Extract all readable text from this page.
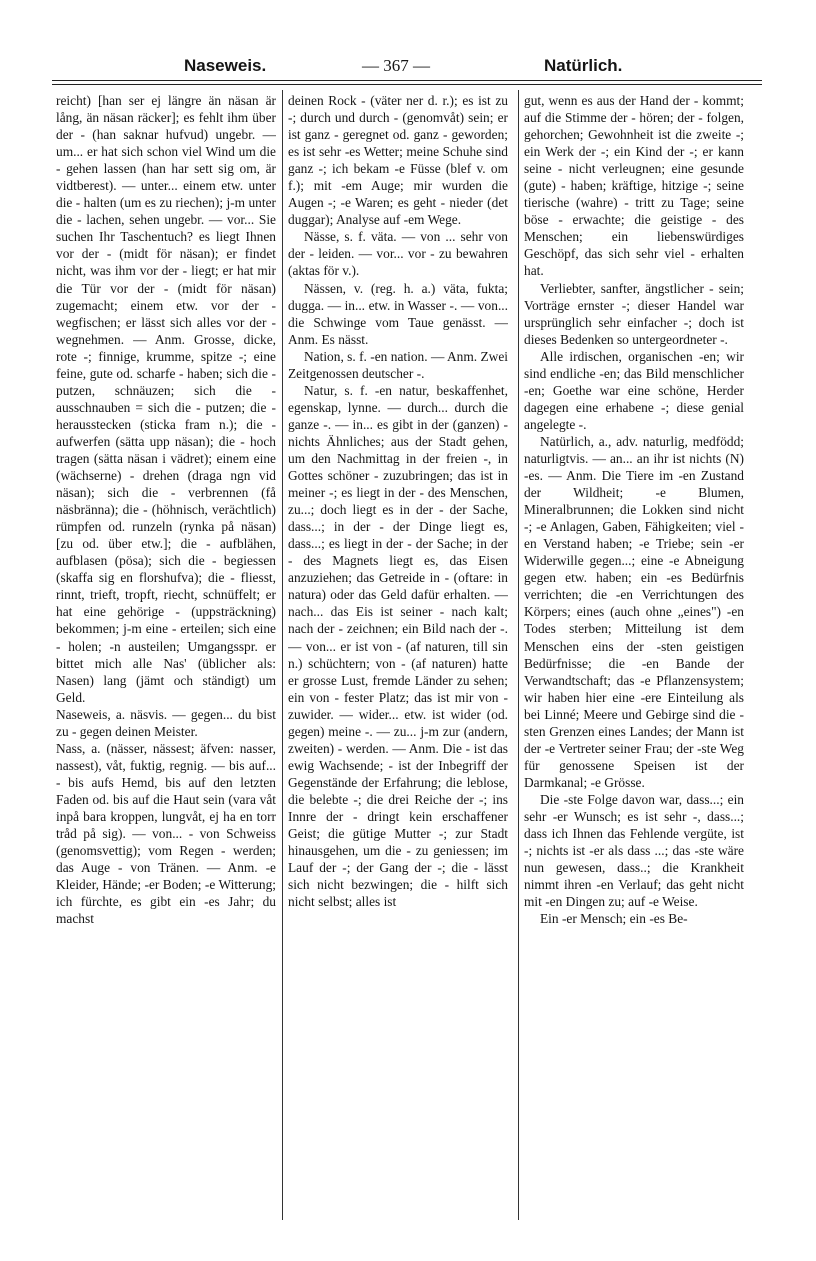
Naseweis.	— 367 —	Natürlich.

reicht) [han ser ej längre än näsan är lång, än näsan räcker]; es fehlt ihm über der - (han saknar hufvud) ungebr. — um... er hat sich schon viel Wind um die - gehen lassen (han har sett sig om, är vidtberest). — unter... einem etw. unter die - halten (um es zu riechen); j-m unter die - lachen, sehen ungebr. — vor... Sie suchen Ihr Taschentuch? es liegt Ihnen vor der - (midt för näsan); er findet nicht, was ihm vor der - liegt; er hat mir die Tür vor der - (midt för näsan) zugemacht; einem etw. vor der - wegfischen; er lässt sich alles vor der - wegnehmen. — Anm. Grosse, dicke, rote -; finnige, krumme, spitze -; eine feine, gute od. scharfe - haben; sich die - putzen, schnäuzen; sich die - ausschnauben = sich die - putzen; die - herausstecken (sticka fram n.); die - aufwerfen (sätta upp näsan); die - hoch tragen (sätta näsan i vädret); einem eine (wächserne) - drehen (draga ngn vid näsan); sich die - verbrennen (få näsbränna); die - (höhnisch, verächtlich) rümpfen od. runzeln (rynka på näsan) [zu od. über etw.]; die - aufblähen, aufblasen (pösa); sich die - begiessen (skaffa sig en florshufva); die - fliesst, rinnt, trieft, tropft, riecht, schnüffelt; er hat eine gehörige - (uppsträckning) bekommen; j-m eine - erteilen; sich eine - holen; -n austeilen; Umgangsspr. er bittet mich alle Nas' (üblicher als: Nasen) lang (jämt och ständigt) um Geld.

Naseweis, a. näsvis. — gegen... du bist zu - gegen deinen Meister.

Nass, a. (nässer, nässest; äfven: nasser, nassest), våt, fuktig, regnig. — bis auf... - bis aufs Hemd, bis auf den letzten Faden od. bis auf die Haut sein (vara våt inpå bara kroppen, lungvåt, ej ha en torr tråd på sig). — von... - von Schweiss (genomsvettig); vom Regen - werden; das Auge - von Tränen. — Anm. -e Kleider, Hände; -er Boden; -e Witterung; ich fürchte, es gibt ein -es Jahr; du machst

deinen Rock - (väter ner d. r.); es ist zu -; durch und durch - (genomvåt) sein; er ist ganz - geregnet od. ganz - geworden; es ist sehr -es Wetter; meine Schuhe sind ganz -; ich bekam -e Füsse (blef v. om f.); mit -em Auge; mir wurden die Augen -; -e Waren; es geht - nieder (det duggar); Analyse auf -em Wege.

Nässe, s. f. väta. — von ... sehr von der - leiden. — vor... vor - zu bewahren (aktas för v.).

Nässen, v. (reg. h. a.) väta, fukta; dugga. — in... etw. in Wasser -. — von... die Schwinge vom Taue genässt. — Anm. Es nässt.

Nation, s. f. -en nation. — Anm. Zwei Zeitgenossen deutscher -.

Natur, s. f. -en natur, beskaffenhet, egenskap, lynne. — durch... durch die ganze -. — in... es gibt in der (ganzen) - nichts Ähnliches; aus der Stadt gehen, um den Nachmittag in der freien -, in Gottes schöner - zuzubringen; das ist in meiner -; es liegt in der - des Menschen, zu...; doch liegt es in der - der Sache, dass...; in der - der Dinge liegt es, dass...; es liegt in der - der Sache; in der - des Magnets liegt es, das Eisen anzuziehen; das Getreide in - (oftare: in natura) oder das Geld dafür erhalten. — nach... das Eis ist seiner - nach kalt; nach der - zeichnen; ein Bild nach der -. — von... er ist von - (af naturen, till sin n.) schüchtern; von - (af naturen) hatte er grosse Lust, fremde Länder zu sehen; ein von - fester Platz; das ist mir von - zuwider. — wider... etw. ist wider (od. gegen) meine -. — zu... j-m zur (andern, zweiten) - werden. — Anm. Die - ist das ewig Wachsende; - ist der Inbegriff der Gegenstände der Erfahrung; die leblose, die belebte -; die drei Reiche der -; ins Innre der - dringt kein erschaffener Geist; die gütige Mutter -; zur Stadt hinausgehen, um die - zu geniessen; im Lauf der -; der Gang der -; die - lässt sich nicht bezwingen; die - hilft sich nicht selbst; alles ist

gut, wenn es aus der Hand der - kommt; auf die Stimme der - hören; der - folgen, gehorchen; Gewohnheit ist die zweite -; ein Werk der -; ein Kind der -; er kann seine - nicht verleugnen; eine gesunde (gute) - haben; kräftige, hitzige -; seine tierische (wahre) - tritt zu Tage; seine böse - erwachte; die geistige - des Menschen; ein liebenswürdiges Geschöpf, das sich sehr viel - erhalten hat.

Verliebter, sanfter, ängstlicher - sein; Vorträge ernster -; dieser Handel war ursprünglich sehr einfacher -; doch ist dieses Bedenken so untergeordneter -.

Alle irdischen, organischen -en; wir sind endliche -en; das Bild menschlicher -en; Goethe war eine schöne, Herder dagegen eine erhabene -; diese genial angelegte -.

Natürlich, a., adv. naturlig, medfödd; naturligtvis. — an... an ihr ist nichts (N) -es. — Anm. Die Tiere im -en Zustand der Wildheit; -e Blumen, Mineralbrunnen; die Lokken sind nicht -; -e Anlagen, Gaben, Fähigkeiten; viel -en Verstand haben; -e Triebe; sein -er Widerwille gegen...; eine -e Abneigung gegen etw. haben; ein -es Bedürfnis verrichten; die -en Verrichtungen des Körpers; eines (auch ohne „eines") -en Todes sterben; Mitteilung ist dem Menschen eins der -sten geistigen Bedürfnisse; die -en Bande der Verwandtschaft; das -e Pflanzensystem; wir haben hier eine -ere Einteilung als bei Linné; Meere und Gebirge sind die -sten Grenzen eines Landes; der Mann ist der -e Vertreter seiner Frau; der -ste Weg für genossene Speisen ist der Darmkanal; -e Grösse.

Die -ste Folge davon war, dass...; ein sehr -er Wunsch; es ist sehr -, dass...; dass ich Ihnen das Fehlende vergüte, ist -; nichts ist -er als dass ...; das -ste wäre nun gewesen, dass..; die Krankheit nimmt ihren -en Verlauf; das geht nicht mit -en Dingen zu; auf -e Weise.

Ein -er Mensch; ein -es Be-
